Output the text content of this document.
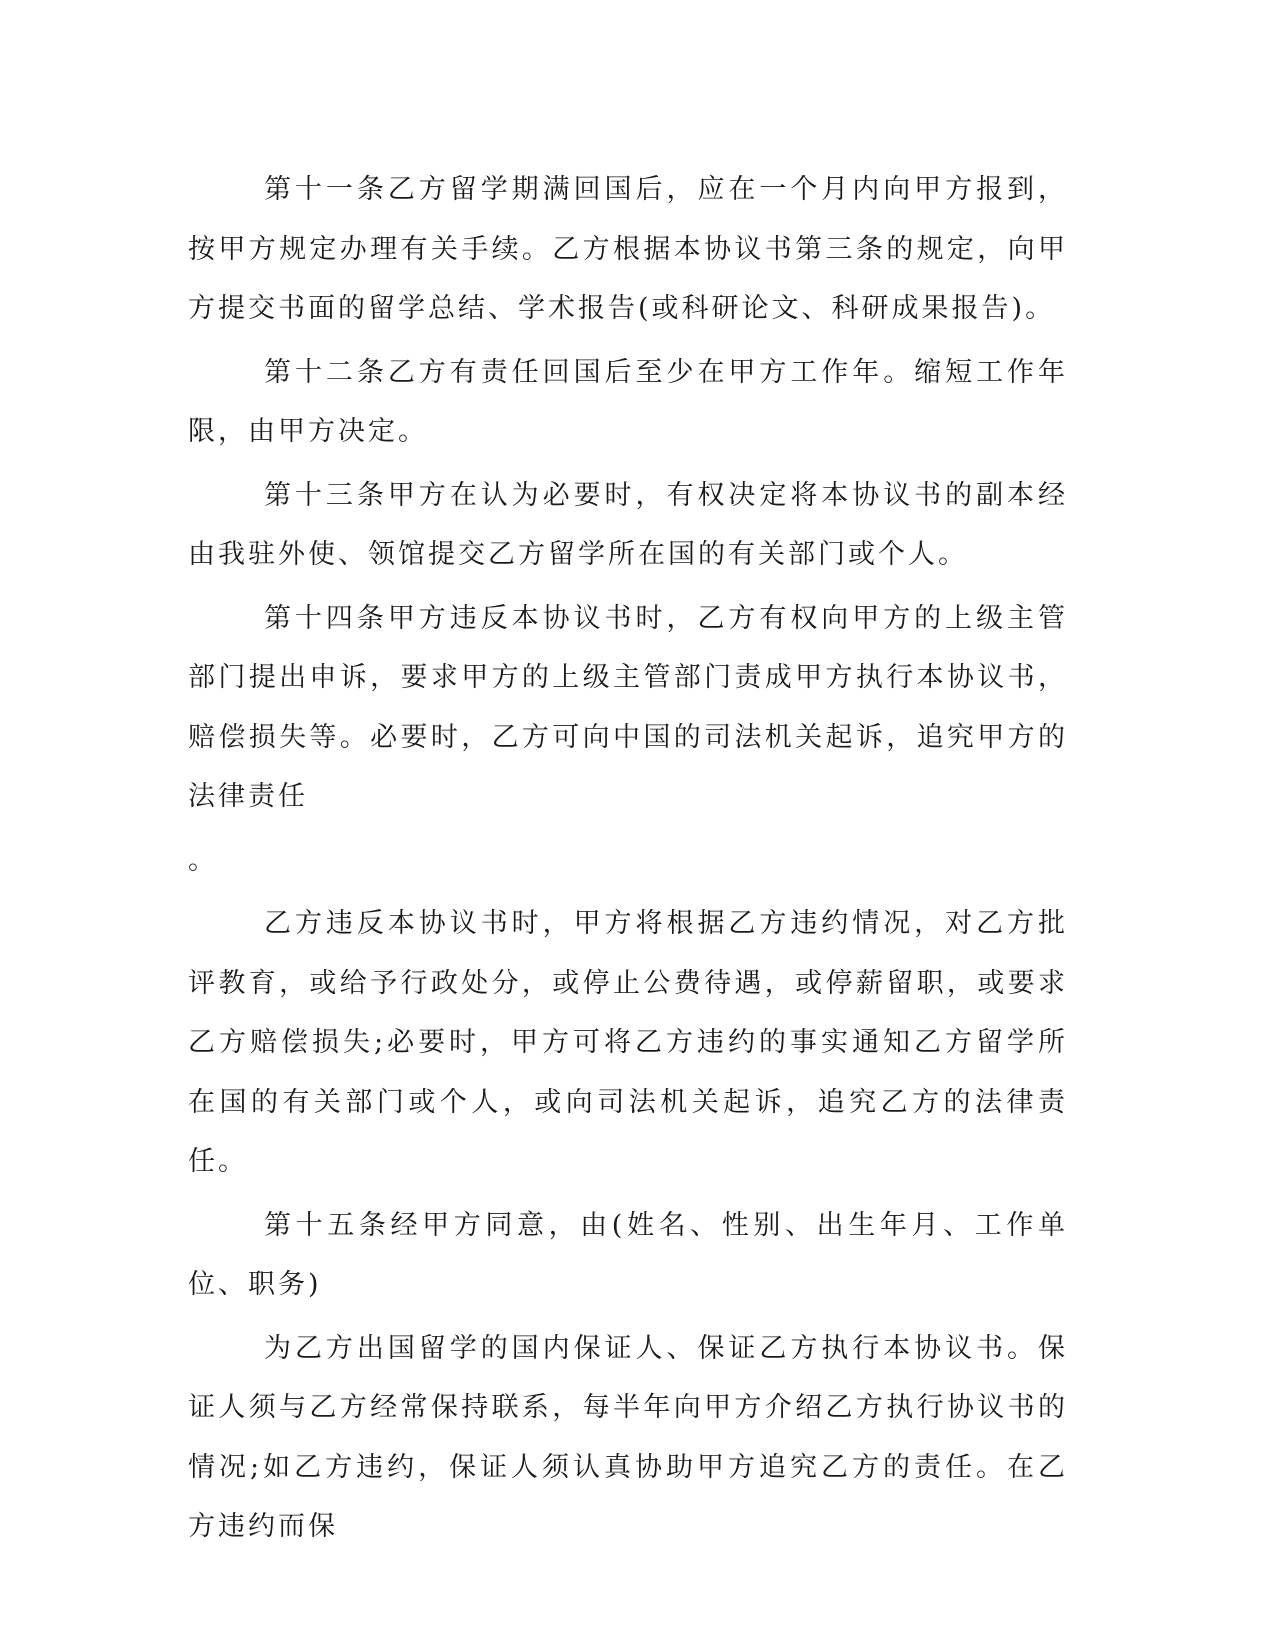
第十一条乙方留学期满回国后，应在一个月内向甲方报到，按甲方规定办理有关手续。乙方根据本协议书第三条的规定，向甲方提交书面的留学总结、学术报告(或科研论文、科研成果报告)。

第十二条乙方有责任回国后至少在甲方工作年。缩短工作年限，由甲方决定。

第十三条甲方在认为必要时，有权决定将本协议书的副本经由我驻外使、领馆提交乙方留学所在国的有关部门或个人。

第十四条甲方违反本协议书时，乙方有权向甲方的上级主管部门提出申诉，要求甲方的上级主管部门责成甲方执行本协议书，赔偿损失等。必要时，乙方可向中国的司法机关起诉，追究甲方的法律责任

。

乙方违反本协议书时，甲方将根据乙方违约情况，对乙方批评教育，或给予行政处分，或停止公费待遇，或停薪留职，或要求乙方赔偿损失;必要时，甲方可将乙方违约的事实通知乙方留学所在国的有关部门或个人，或向司法机关起诉，追究乙方的法律责任。

第十五条经甲方同意，由(姓名、性别、出生年月、工作单位、职务)

为乙方出国留学的国内保证人、保证乙方执行本协议书。保证人须与乙方经常保持联系，每半年向甲方介绍乙方执行协议书的情况;如乙方违约，保证人须认真协助甲方追究乙方的责任。在乙方违约而保
